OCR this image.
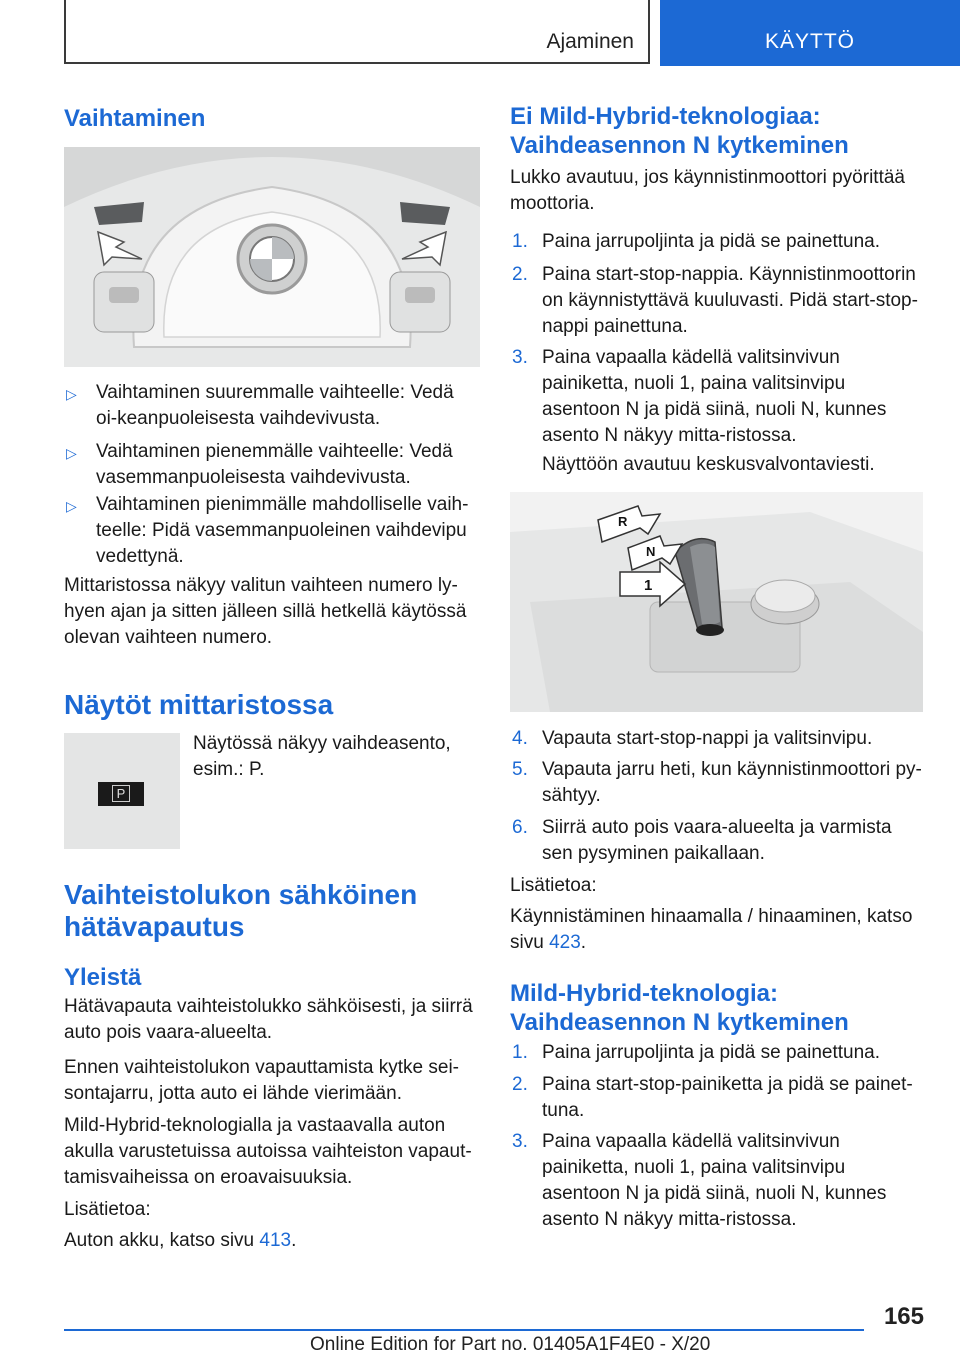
Ajaminen	KÄYTTÖ
Vaihtaminen
▷ Vaihtaminen suuremmalle vaihteelle: Vedä oi-keanpuoleisesta vaihdevivusta.
▷ Vaihtaminen pienemmälle vaihteelle: Vedä vasemmanpuoleisesta vaihdevivusta.
▷ Vaihtaminen pienimmälle mahdolliselle vaih-teelle: Pidä vasemmanpuoleinen vaihdevipu vedettynä.
Mittaristossa näkyy valitun vaihteen numero ly-hyen ajan ja sitten jälleen sillä hetkellä käytössä olevan vaihteen numero.
Näytöt mittaristossa
P
Näytössä näkyy vaihdeasento, esim.: P.
Vaihteistolukon sähköinen hätävapautus
Yleistä
Hätävapauta vaihteistolukko sähköisesti, ja siirrä auto pois vaara-alueelta.
Ennen vaihteistolukon vapauttamista kytke sei-sontajarru, jotta auto ei lähde vierimään.
Mild-Hybrid-teknologialla ja vastaavalla auton akulla varustetuissa autoissa vaihteiston vapaut-tamisvaiheissa on eroavaisuuksia.
Lisätietoa:
Auton akku, katso sivu 413.
Ei Mild-Hybrid-teknologiaa: Vaihdeasennon N kytkeminen
Lukko avautuu, jos käynnistinmoottori pyörittää moottoria.
1. Paina jarrupoljinta ja pidä se painettuna.
2. Paina start-stop-nappia. Käynnistinmoottorin on käynnistyttävä kuuluvasti. Pidä start-stop-nappi painettuna.
3. Paina vapaalla kädellä valitsinvivun painiketta, nuoli 1, paina valitsinvipu asentoon N ja pidä siinä, nuoli N, kunnes asento N näkyy mitta-ristossa.
Näyttöön avautuu keskusvalvontaviesti.
R
N
1
4. Vapauta start-stop-nappi ja valitsinvipu.
5. Vapauta jarru heti, kun käynnistinmoottori py-sähtyy.
6. Siirrä auto pois vaara-alueelta ja varmista sen pysyminen paikallaan.
Lisätietoa:
Käynnistäminen hinaamalla / hinaaminen, katso sivu 423.
Mild-Hybrid-teknologia: Vaihdeasennon N kytkeminen
1. Paina jarrupoljinta ja pidä se painettuna.
2. Paina start-stop-painiketta ja pidä se painet-tuna.
3. Paina vapaalla kädellä valitsinvivun painiketta, nuoli 1, paina valitsinvipu asentoon N ja pidä siinä, nuoli N, kunnes asento N näkyy mitta-ristossa.
165
Online Edition for Part no. 01405A1F4E0 - X/20
